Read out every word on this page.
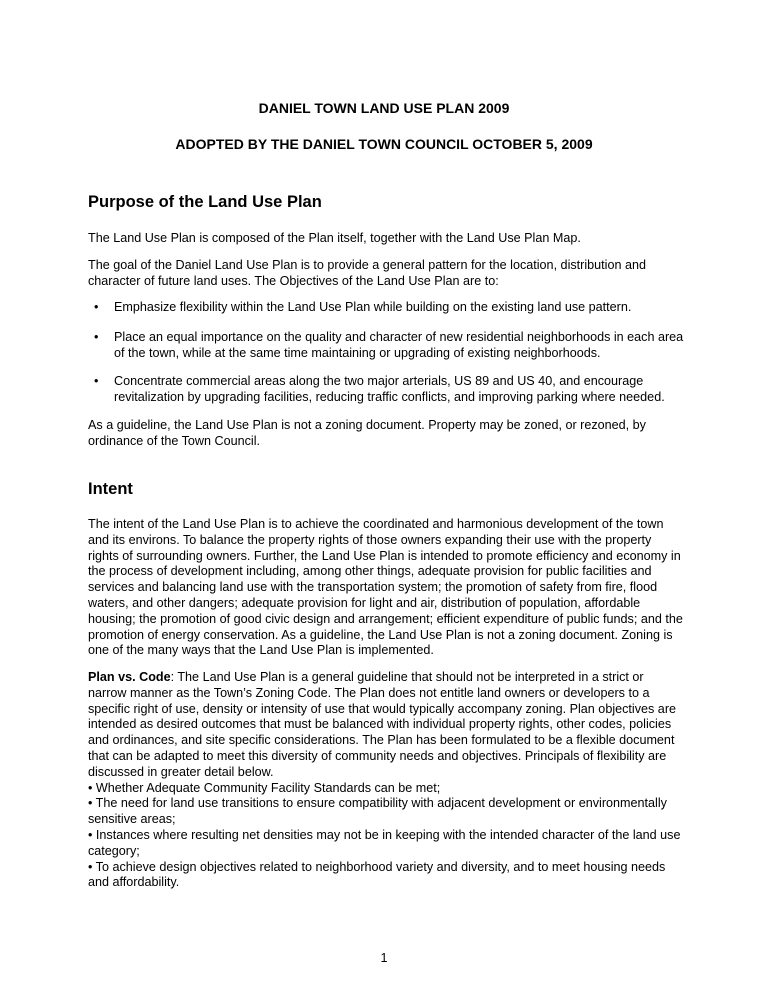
DANIEL TOWN LAND USE PLAN 2009
ADOPTED BY THE DANIEL TOWN COUNCIL OCTOBER 5, 2009
Purpose of the Land Use Plan

The Land Use Plan is composed of the Plan itself, together with the Land Use Plan Map.

The goal of the Daniel Land Use Plan is to provide a general pattern for the location, distribution and character of future land uses. The Objectives of the Land Use Plan are to:

• Emphasize flexibility within the Land Use Plan while building on the existing land use pattern.
• Place an equal importance on the quality and character of new residential neighborhoods in each area of the town, while at the same time maintaining or upgrading of existing neighborhoods.
• Concentrate commercial areas along the two major arterials, US 89 and US 40, and encourage revitalization by upgrading facilities, reducing traffic conflicts, and improving parking where needed.

As a guideline, the Land Use Plan is not a zoning document. Property may be zoned, or rezoned, by ordinance of the Town Council.

Intent

The intent of the Land Use Plan is to achieve the coordinated and harmonious development of the town and its environs. To balance the property rights of those owners expanding their use with the property rights of surrounding owners. Further, the Land Use Plan is intended to promote efficiency and economy in the process of development including, among other things, adequate provision for public facilities and services and balancing land use with the transportation system; the promotion of safety from fire, flood waters, and other dangers; adequate provision for light and air, distribution of population, affordable housing; the promotion of good civic design and arrangement; efficient expenditure of public funds; and the promotion of energy conservation. As a guideline, the Land Use Plan is not a zoning document. Zoning is one of the many ways that the Land Use Plan is implemented.

Plan vs. Code: The Land Use Plan is a general guideline that should not be interpreted in a strict or narrow manner as the Town’s Zoning Code. The Plan does not entitle land owners or developers to a specific right of use, density or intensity of use that would typically accompany zoning. Plan objectives are intended as desired outcomes that must be balanced with individual property rights, other codes, policies and ordinances, and site specific considerations. The Plan has been formulated to be a flexible document that can be adapted to meet this diversity of community needs and objectives. Principals of flexibility are discussed in greater detail below.
• Whether Adequate Community Facility Standards can be met;
• The need for land use transitions to ensure compatibility with adjacent development or environmentally sensitive areas;
• Instances where resulting net densities may not be in keeping with the intended character of the land use category;
• To achieve design objectives related to neighborhood variety and diversity, and to meet housing needs and affordability.
1
